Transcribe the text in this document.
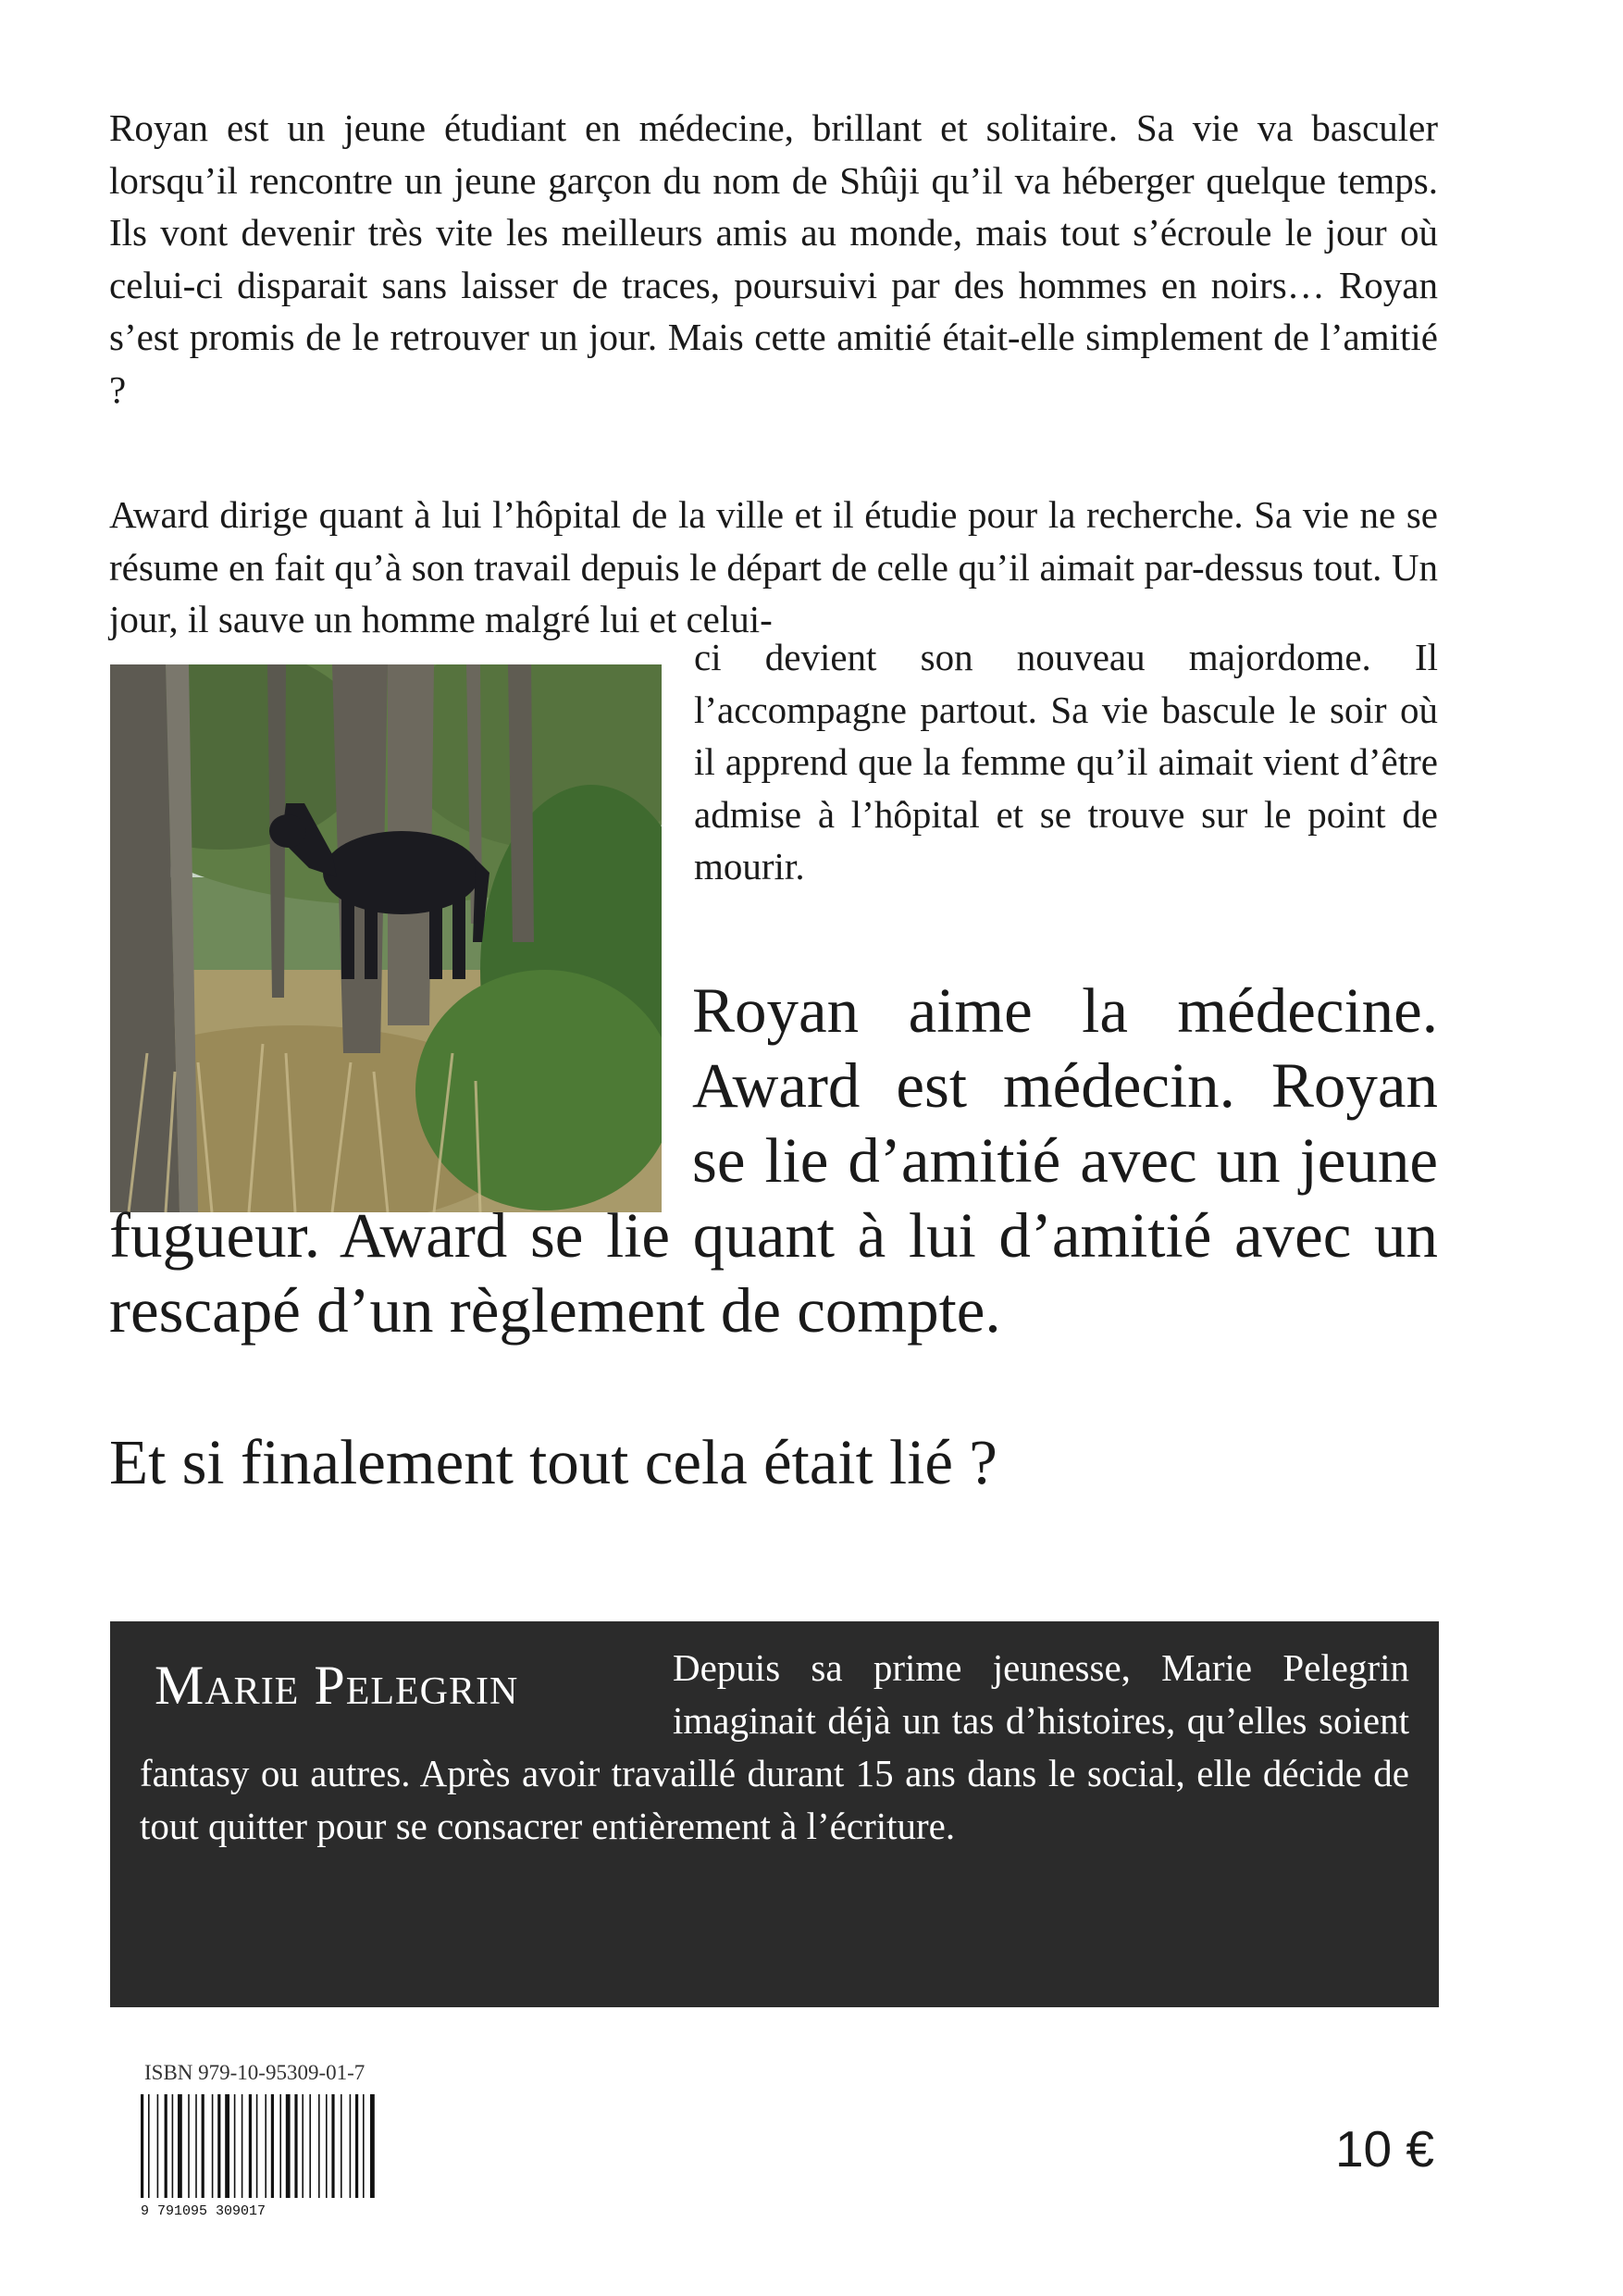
Royan est un jeune étudiant en médecine, brillant et solitaire. Sa vie va basculer lorsqu’il rencontre un jeune garçon du nom de Shûji qu’il va héberger quelque temps. Ils vont devenir très vite les meilleurs amis au monde, mais tout s’écroule le jour où celui-ci disparait sans laisser de traces, poursuivi par des hommes en noirs… Royan s’est promis de le retrouver un jour. Mais cette amitié était-elle simplement de l’amitié ?

Award dirige quant à lui l’hôpital de la ville et il étudie pour la recherche. Sa vie ne se résume en fait qu’à son travail depuis le départ de celle qu’il aimait par-dessus tout. Un jour, il sauve un homme malgré lui et celui-

ci devient son nouveau majordome. Il l’accompagne partout. Sa vie bascule le soir où il apprend que la femme qu’il aimait vient d’être admise à l’hôpital et se trouve sur le point de mourir.

Royan aime la médecine. Award est médecin. Royan se lie d’amitié avec un jeune fugueur. Award se lie quant à lui d’amitié avec un rescapé d’un règlement de compte.

Et si finalement tout cela était lié ?

Marie Pelegrin	Depuis sa prime jeunesse, Marie Pelegrin imaginait déjà un tas d’histoires, qu’elles soient fantasy ou autres. Après avoir travaillé durant 15 ans dans le social, elle décide de tout quitter pour se consacrer entièrement à l’écriture.

ISBN 979-10-95309-01-7

9 791095 309017

10 €
